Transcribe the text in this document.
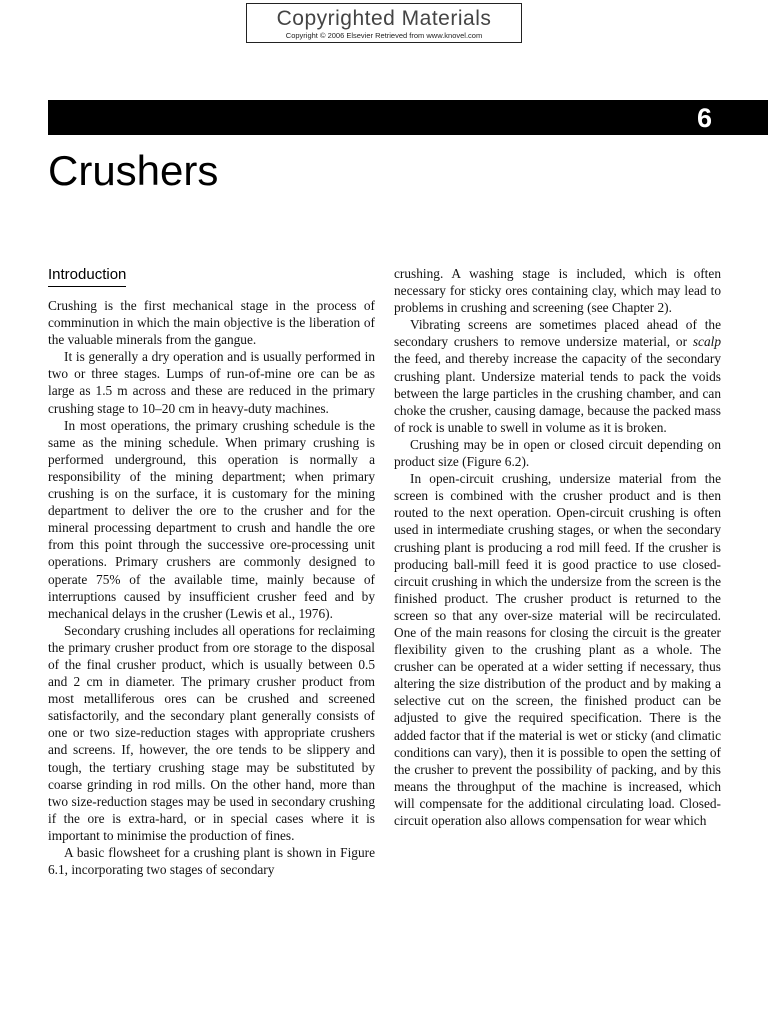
Copyrighted Materials
Copyright © 2006 Elsevier Retrieved from www.knovel.com
6
Crushers
Introduction

Crushing is the first mechanical stage in the process of comminution in which the main objective is the liberation of the valuable minerals from the gangue.

It is generally a dry operation and is usually performed in two or three stages. Lumps of run-of-mine ore can be as large as 1.5 m across and these are reduced in the primary crushing stage to 10–20 cm in heavy-duty machines.

In most operations, the primary crushing schedule is the same as the mining schedule. When primary crushing is performed underground, this operation is normally a responsibility of the mining department; when primary crushing is on the surface, it is customary for the mining department to deliver the ore to the crusher and for the mineral processing department to crush and handle the ore from this point through the successive ore-processing unit operations. Primary crushers are commonly designed to operate 75% of the available time, mainly because of interruptions caused by insufficient crusher feed and by mechanical delays in the crusher (Lewis et al., 1976).

Secondary crushing includes all operations for reclaiming the primary crusher product from ore storage to the disposal of the final crusher product, which is usually between 0.5 and 2 cm in diameter. The primary crusher product from most metalliferous ores can be crushed and screened satisfactorily, and the secondary plant generally consists of one or two size-reduction stages with appropriate crushers and screens. If, however, the ore tends to be slippery and tough, the tertiary crushing stage may be substituted by coarse grinding in rod mills. On the other hand, more than two size-reduction stages may be used in secondary crushing if the ore is extra-hard, or in special cases where it is important to minimise the production of fines.

A basic flowsheet for a crushing plant is shown in Figure 6.1, incorporating two stages of secondary

crushing. A washing stage is included, which is often necessary for sticky ores containing clay, which may lead to problems in crushing and screening (see Chapter 2).

Vibrating screens are sometimes placed ahead of the secondary crushers to remove undersize material, or scalp the feed, and thereby increase the capacity of the secondary crushing plant. Undersize material tends to pack the voids between the large particles in the crushing chamber, and can choke the crusher, causing damage, because the packed mass of rock is unable to swell in volume as it is broken.

Crushing may be in open or closed circuit depending on product size (Figure 6.2).

In open-circuit crushing, undersize material from the screen is combined with the crusher product and is then routed to the next operation. Open-circuit crushing is often used in intermediate crushing stages, or when the secondary crushing plant is producing a rod mill feed. If the crusher is producing ball-mill feed it is good practice to use closed-circuit crushing in which the undersize from the screen is the finished product. The crusher product is returned to the screen so that any over-size material will be recirculated. One of the main reasons for closing the circuit is the greater flexibility given to the crushing plant as a whole. The crusher can be operated at a wider setting if necessary, thus altering the size distribution of the product and by making a selective cut on the screen, the finished product can be adjusted to give the required specification. There is the added factor that if the material is wet or sticky (and climatic conditions can vary), then it is possible to open the setting of the crusher to prevent the possibility of packing, and by this means the throughput of the machine is increased, which will compensate for the additional circulating load. Closed-circuit operation also allows compensation for wear which
